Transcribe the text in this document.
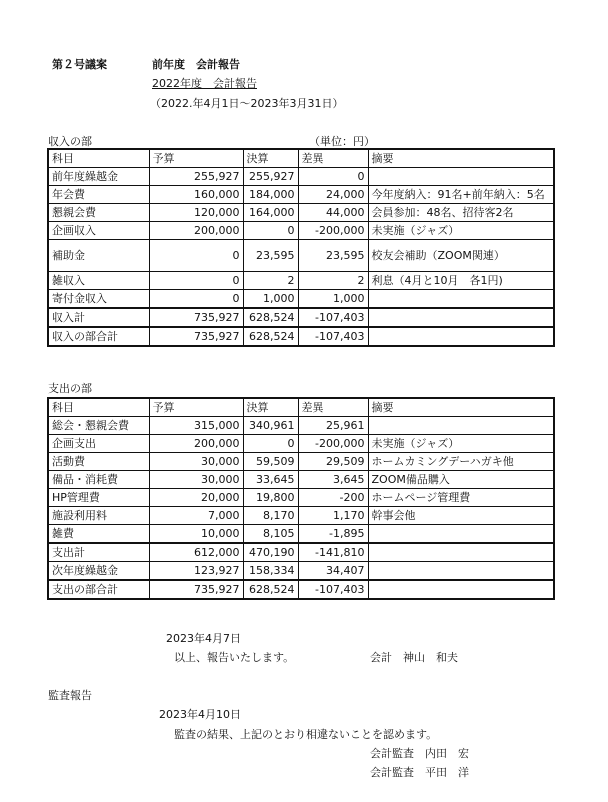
第２号議案	前年度　会計報告
2022年度　会計報告
（2022.年4月1日～2023年3月31日）
収入の部	（単位：円）
科目	予算	決算	差異	摘要
前年度繰越金	255,927	255,927	0	
年会費	160,000	184,000	24,000	今年度納入：91名+前年納入：5名
懇親会費	120,000	164,000	44,000	会員参加：48名、招待客2名
企画収入	200,000	0	-200,000	未実施（ジャズ）
補助金	0	23,595	23,595	校友会補助（ZOOM関連）
雑収入	0	2	2	利息（4月と10月　各1円)
寄付金収入	0	1,000	1,000	
収入計	735,927	628,524	-107,403	
収入の部合計	735,927	628,524	-107,403	
支出の部
科目	予算	決算	差異	摘要
総会・懇親会費	315,000	340,961	25,961	
企画支出	200,000	0	-200,000	未実施（ジャズ）
活動費	30,000	59,509	29,509	ホームカミングデーハガキ他
備品・消耗費	30,000	33,645	3,645	ZOOM備品購入
HP管理費	20,000	19,800	-200	ホームページ管理費
施設利用料	7,000	8,170	1,170	幹事会他
雑費	10,000	8,105	-1,895	
支出計	612,000	470,190	-141,810	
次年度繰越金	123,927	158,334	34,407	
支出の部合計	735,927	628,524	-107,403	
2023年4月7日
以上、報告いたします。	会計　神山　和夫
監査報告
2023年4月10日
監査の結果、上記のとおり相違ないことを認めます。
会計監査　内田　宏
会計監査　平田　洋
